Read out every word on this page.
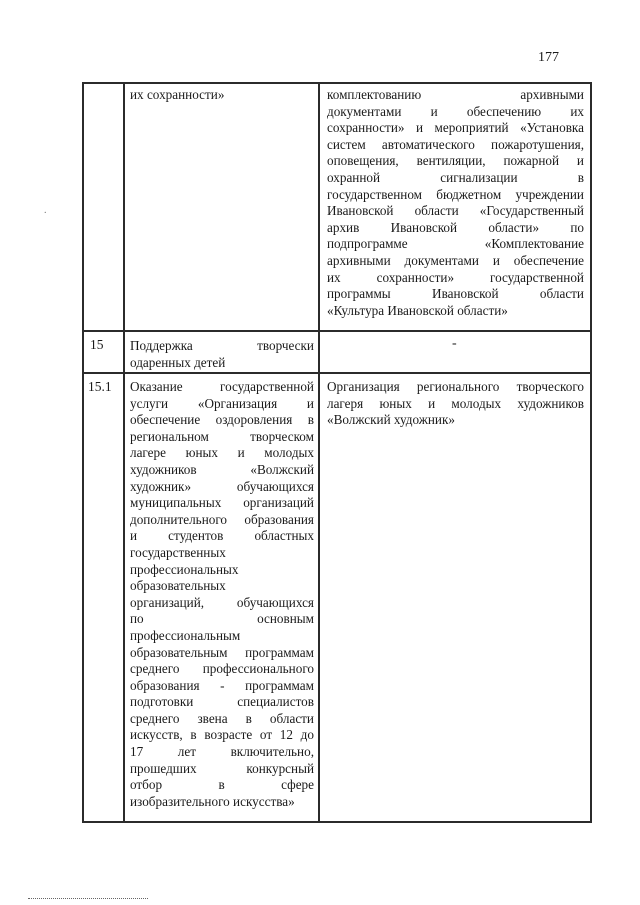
177
.
их сохранности»	комплектованию архивными
документами и обеспечению их
сохранности» и мероприятий «Установка
систем автоматического пожаротушения,
оповещения, вентиляции, пожарной и
охранной сигнализации в
государственном бюджетном учреждении
Ивановской области «Государственный
архив Ивановской области» по
подпрограмме «Комплектование
архивными документами и обеспечение
их сохранности» государственной
программы Ивановской области
«Культура Ивановской области»
15 Поддержка творчески
одаренных детей
-
15.1 Оказание государственной
услуги «Организация и
обеспечение оздоровления в
региональном творческом
лагере юных и молодых
художников «Волжский
художник» обучающихся
муниципальных организаций
дополнительного образования
и студентов областных
государственных
профессиональных
образовательных
организаций, обучающихся
по основным
профессиональным
образовательным программам
среднего профессионального
образования - программам
подготовки специалистов
среднего звена в области
искусств, в возрасте от 12 до
17 лет включительно,
прошедших конкурсный
отбор в сфере
изобразительного искусства»
Организация регионального творческого
лагеря юных и молодых художников
«Волжский художник»
